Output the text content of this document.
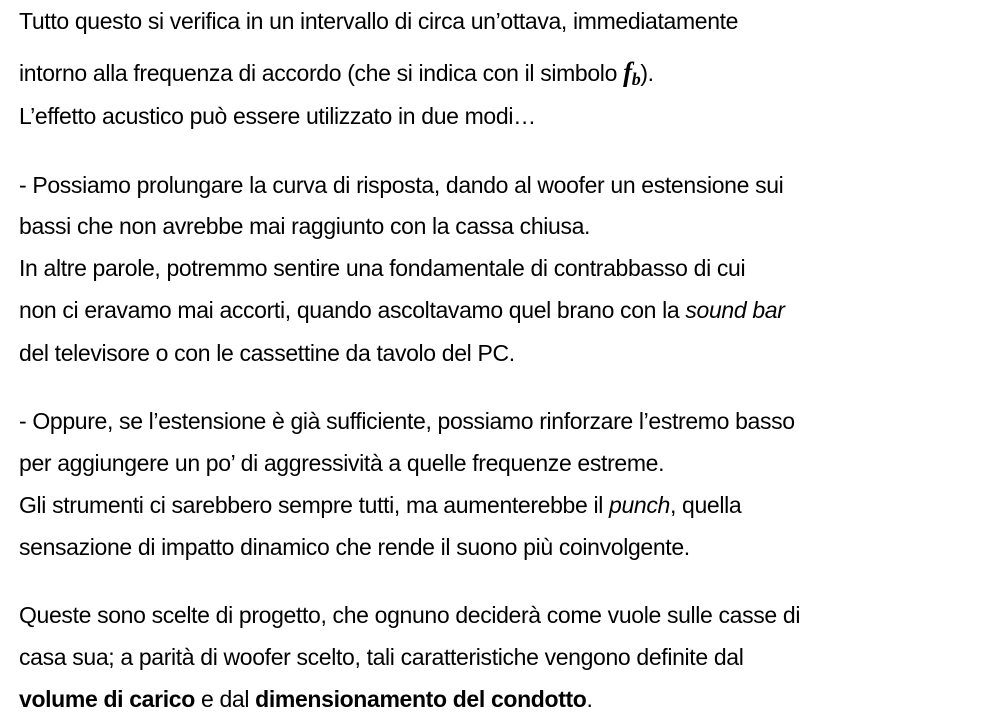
Tutto questo si verifica in un intervallo di circa un’ottava, immediatamente
intorno alla frequenza di accordo (che si indica con il simbolo $f_b$).
L’effetto acustico può essere utilizzato in due modi…
- Possiamo prolungare la curva di risposta, dando al woofer un estensione sui
bassi che non avrebbe mai raggiunto con la cassa chiusa.
In altre parole, potremmo sentire una fondamentale di contrabbasso di cui
non ci eravamo mai accorti, quando ascoltavamo quel brano con la sound bar
del televisore o con le cassettine da tavolo del PC.
- Oppure, se l’estensione è già sufficiente, possiamo rinforzare l’estremo basso
per aggiungere un po’ di aggressività a quelle frequenze estreme.
Gli strumenti ci sarebbero sempre tutti, ma aumenterebbe il punch, quella
sensazione di impatto dinamico che rende il suono più coinvolgente.
Queste sono scelte di progetto, che ognuno deciderà come vuole sulle casse di
casa sua; a parità di woofer scelto, tali caratteristiche vengono definite dal
volume di carico e dal dimensionamento del condotto.
